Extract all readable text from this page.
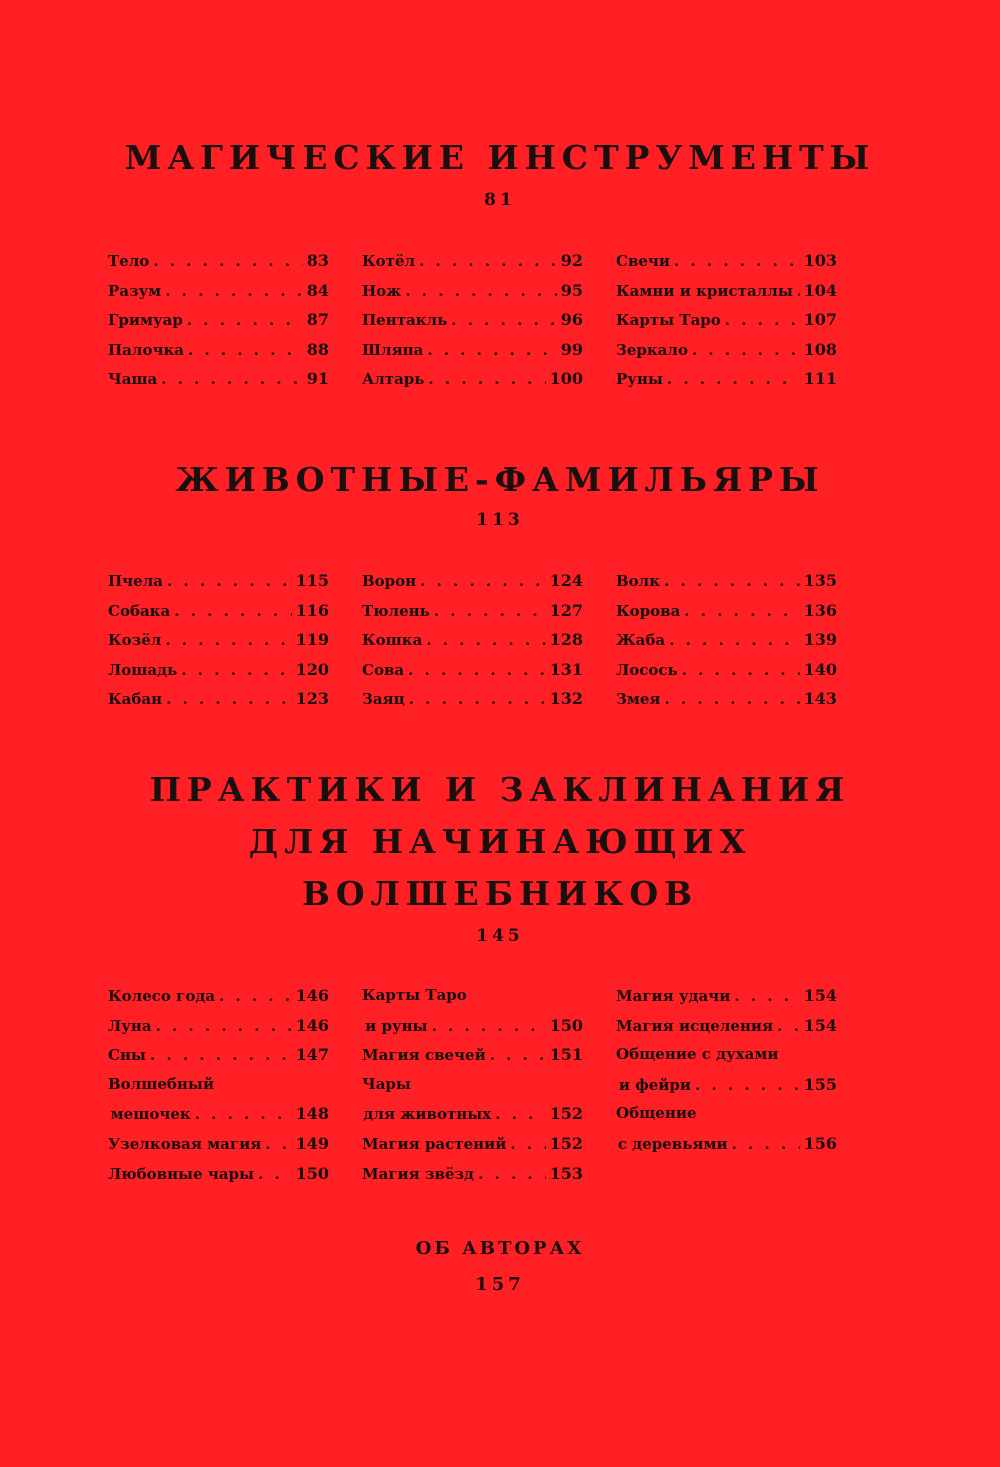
МАГИЧЕСКИЕ ИНСТРУМЕНТЫ
81
Тело . . .	83
Разум . . .	84
Гримуар . . .	87
Палочка . . .	88
Чаша . . .	91
Котёл . . .	92
Нож . . .	95
Пентакль . . .	96
Шляпа . . .	99
Алтарь . . .	100
Свечи . . .	103
Камни и кристаллы . . . 104
Карты Таро . . .	107
Зеркало . . .	108
Руны . . .	111
ЖИВОТНЫЕ-ФАМИЛЬЯРЫ
113
Пчела . . .	115
Собака . . .	116
Козёл . . .	119
Лошадь . . .	120
Кабан . . .	123
Ворон . . .	124
Тюлень . . .	127
Кошка . . .	128
Сова . . .	131
Заяц . . .	132
Волк . . .	135
Корова . . .	136
Жаба . . .	139
Лосось . . .	140
Змея . . .	143
ПРАКТИКИ И ЗАКЛИНАНИЯ
ДЛЯ НАЧИНАЮЩИХ
ВОЛШЕБНИКОВ
145
Колесо года . . .	146
Луна . . .	146
Сны . . .	147
Волшебный
мешочек . . .	148
Узелковая магия . . . 149
Любовные чары . . .	150
Карты Таро
и руны . . .	150
Магия свечей . . .	151
Чары
для животных . . .	152
Магия растений . . .	152
Магия звёзд . . .	153
Магия удачи . . .	154
Магия исцеления . . . 154
Общение с духами
и фейри . . .	155
Общение
с деревьями . . .	156
ОБ АВТОРАХ
157
